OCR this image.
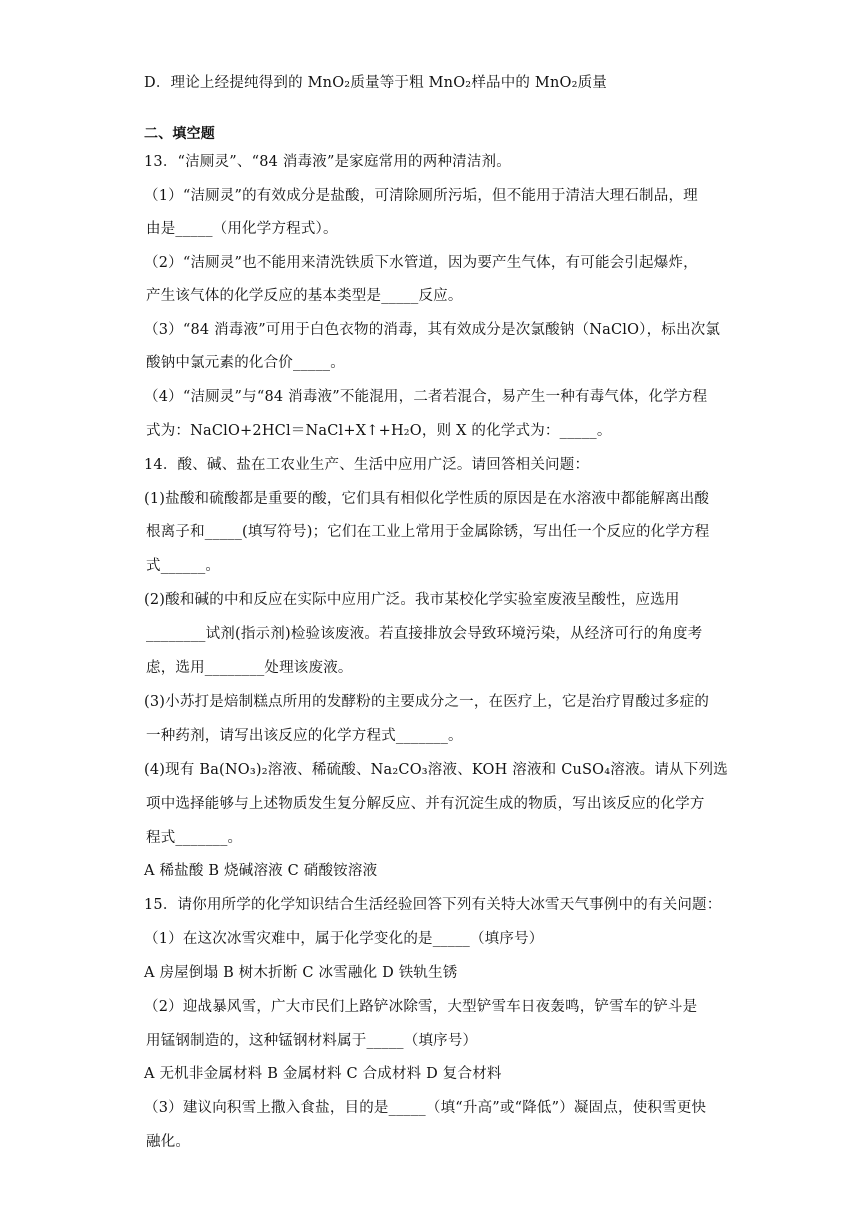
D．理论上经提纯得到的 MnO₂质量等于粗 MnO₂样品中的 MnO₂质量
二、填空题
13．“洁厕灵”、“84 消毒液”是家庭常用的两种清洁剂。
（1）“洁厕灵”的有效成分是盐酸，可清除厕所污垢，但不能用于清洁大理石制品，理
由是_____（用化学方程式）。
（2）“洁厕灵”也不能用来清洗铁质下水管道，因为要产生气体，有可能会引起爆炸，
产生该气体的化学反应的基本类型是_____反应。
（3）“84 消毒液”可用于白色衣物的消毒，其有效成分是次氯酸钠（NaClO），标出次氯
酸钠中氯元素的化合价_____。
（4）“洁厕灵”与“84 消毒液”不能混用，二者若混合，易产生一种有毒气体，化学方程
式为：NaClO+2HCl＝NaCl+X↑+H₂O，则 X 的化学式为：_____。
14．酸、碱、盐在工农业生产、生活中应用广泛。请回答相关问题：
(1)盐酸和硫酸都是重要的酸，它们具有相似化学性质的原因是在水溶液中都能解离出酸
根离子和_____(填写符号)；它们在工业上常用于金属除锈，写出任一个反应的化学方程
式______。
(2)酸和碱的中和反应在实际中应用广泛。我市某校化学实验室废液呈酸性，应选用
________试剂(指示剂)检验该废液。若直接排放会导致环境污染，从经济可行的角度考
虑，选用________处理该废液。
(3)小苏打是焙制糕点所用的发酵粉的主要成分之一，在医疗上，它是治疗胃酸过多症的
一种药剂，请写出该反应的化学方程式_______。
(4)现有 Ba(NO₃)₂溶液、稀硫酸、Na₂CO₃溶液、KOH 溶液和 CuSO₄溶液。请从下列选
项中选择能够与上述物质发生复分解反应、并有沉淀生成的物质，写出该反应的化学方
程式_______。
A 稀盐酸 B 烧碱溶液 C 硝酸铵溶液
15．请你用所学的化学知识结合生活经验回答下列有关特大冰雪天气事例中的有关问题：
（1）在这次冰雪灾难中，属于化学变化的是_____（填序号）
A 房屋倒塌 B 树木折断 C 冰雪融化 D 铁轨生锈
（2）迎战暴风雪，广大市民们上路铲冰除雪，大型铲雪车日夜轰鸣，铲雪车的铲斗是
用锰钢制造的，这种锰钢材料属于_____（填序号）
A 无机非金属材料 B 金属材料 C 合成材料 D 复合材料
（3）建议向积雪上撒入食盐，目的是_____（填“升高”或“降低”）凝固点，使积雪更快
融化。
